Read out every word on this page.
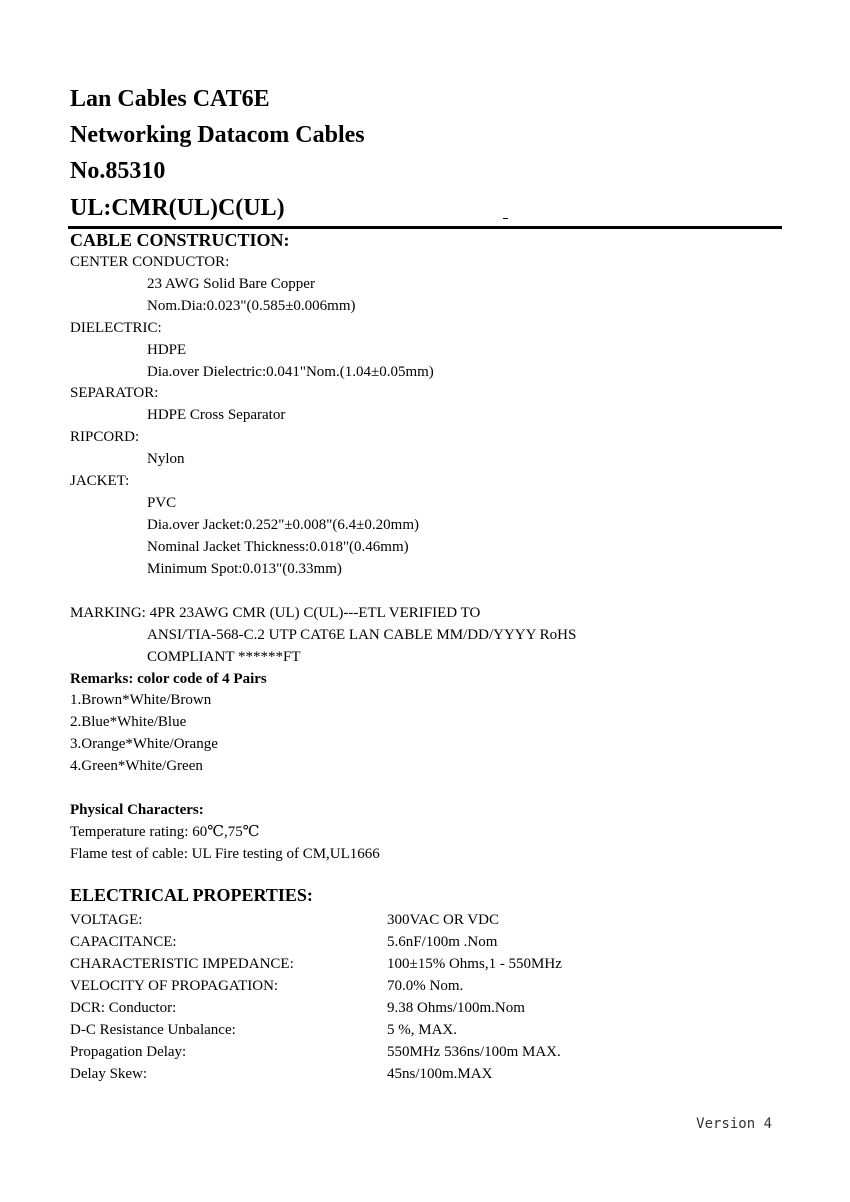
Lan Cables CAT6E
Networking Datacom Cables
No.85310
UL:CMR(UL)C(UL)
CABLE CONSTRUCTION:
CENTER CONDUCTOR:
23 AWG Solid Bare Copper
Nom.Dia:0.023"(0.585±0.006mm)
DIELECTRIC:
HDPE
Dia.over Dielectric:0.041"Nom.(1.04±0.05mm)
SEPARATOR:
HDPE Cross Separator
RIPCORD:
Nylon
JACKET:
PVC
Dia.over Jacket:0.252"±0.008"(6.4±0.20mm)
Nominal Jacket Thickness:0.018"(0.46mm)
Minimum Spot:0.013"(0.33mm)
MARKING: 4PR 23AWG CMR (UL) C(UL)---ETL VERIFIED TO
ANSI/TIA-568-C.2 UTP CAT6E LAN CABLE MM/DD/YYYY RoHS
COMPLIANT ******FT
Remarks: color code of 4 Pairs
1.Brown*White/Brown
2.Blue*White/Blue
3.Orange*White/Orange
4.Green*White/Green
Physical Characters:
Temperature rating: 60℃,75℃
Flame test of cable: UL Fire testing of CM,UL1666
ELECTRICAL PROPERTIES:
VOLTAGE:	300VAC OR VDC
CAPACITANCE:	5.6nF/100m .Nom
CHARACTERISTIC IMPEDANCE:	100±15% Ohms,1 - 550MHz
VELOCITY OF PROPAGATION:	70.0% Nom.
DCR: Conductor:	9.38 Ohms/100m.Nom
D-C Resistance Unbalance:	5 %, MAX.
Propagation Delay:	550MHz 536ns/100m MAX.
Delay Skew:	45ns/100m.MAX
Version 4
